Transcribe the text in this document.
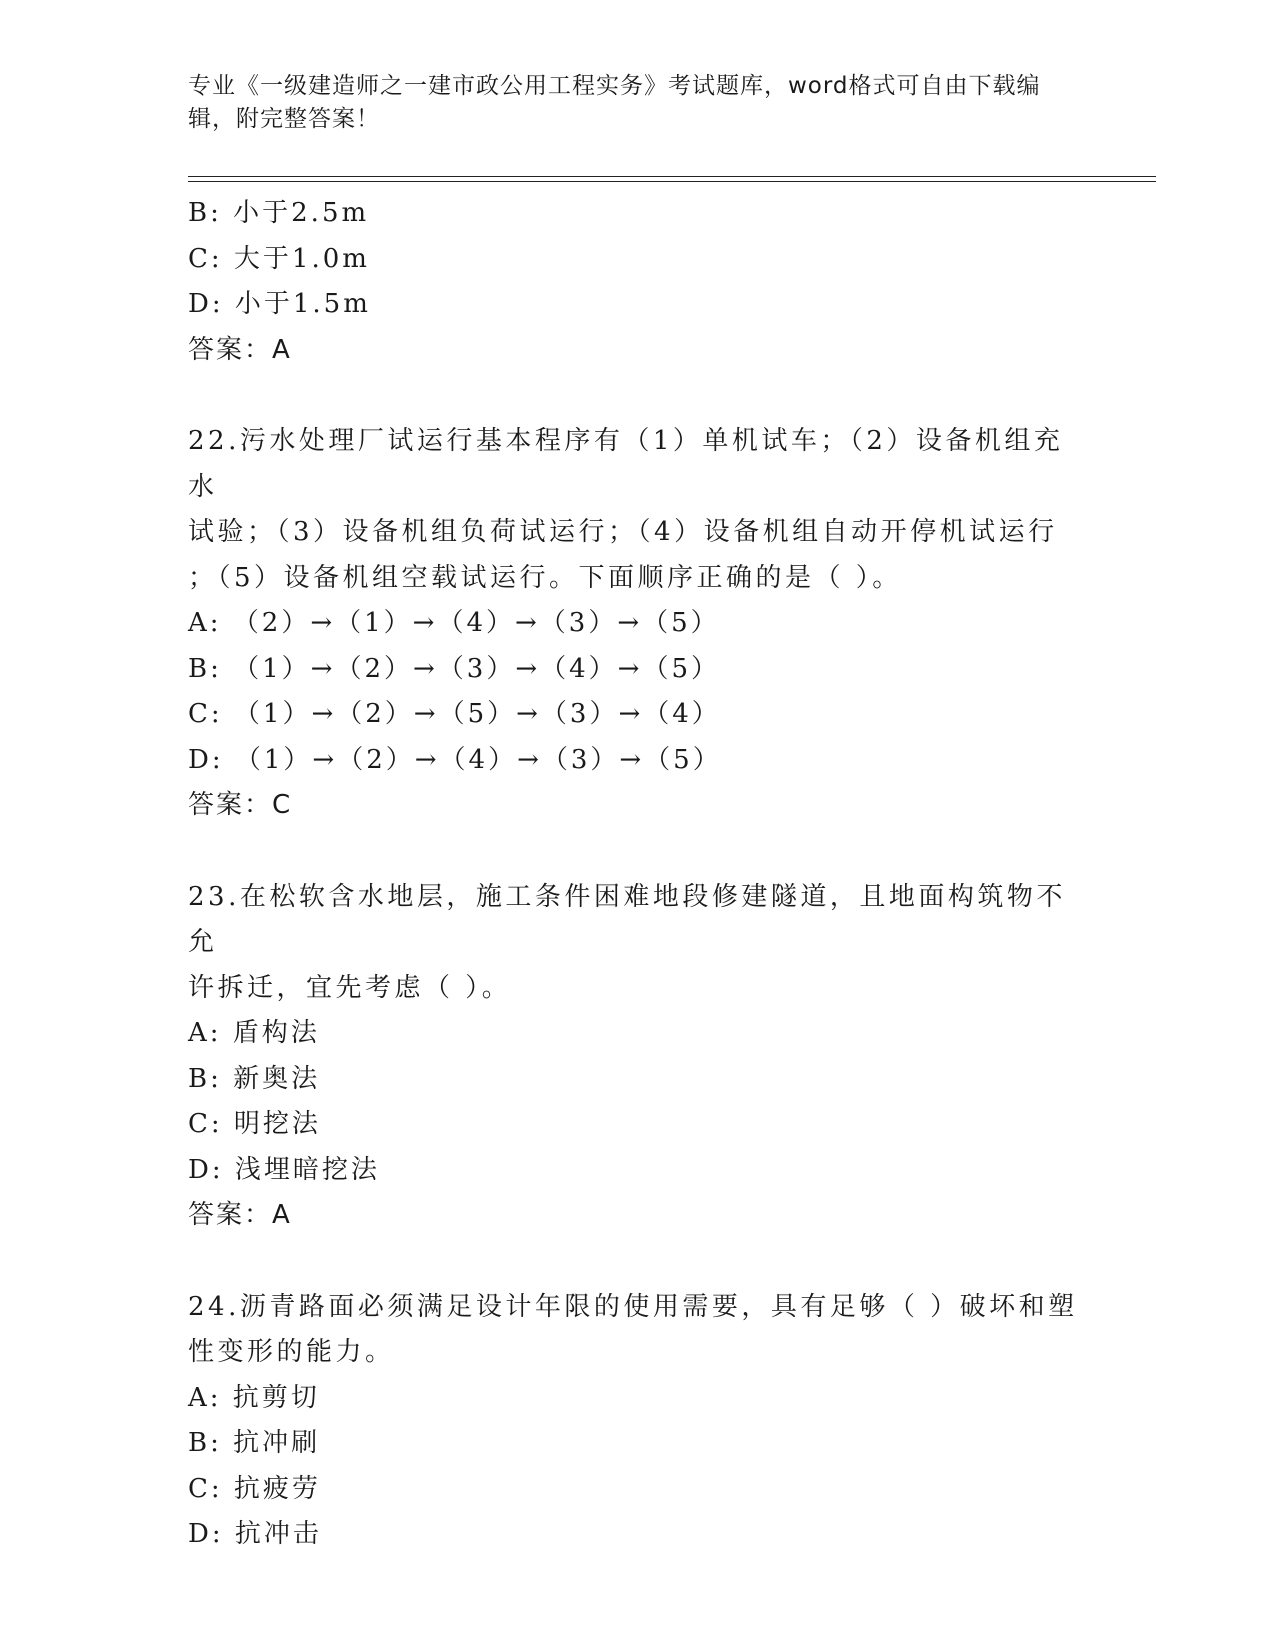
专业《一级建造师之一建市政公用工程实务》考试题库，word格式可自由下载编辑，附完整答案！
B: 小于2.5m
C: 大于1.0m
D: 小于1.5m
答案：A
22.污水处理厂试运行基本程序有（1）单机试车；（2）设备机组充水
试验；（3）设备机组负荷试运行；（4）设备机组自动开停机试运行
；（5）设备机组空载试运行。下面顺序正确的是（ ）。
A: （2）→（1）→（4）→（3）→（5）
B: （1）→（2）→（3）→（4）→（5）
C: （1）→（2）→（5）→（3）→（4）
D: （1）→（2）→（4）→（3）→（5）
答案：C
23.在松软含水地层，施工条件困难地段修建隧道，且地面构筑物不允
许拆迁，宜先考虑（ ）。
A: 盾构法
B: 新奥法
C: 明挖法
D: 浅埋暗挖法
答案：A
24.沥青路面必须满足设计年限的使用需要，具有足够（ ）破坏和塑
性变形的能力。
A: 抗剪切
B: 抗冲刷
C: 抗疲劳
D: 抗冲击
